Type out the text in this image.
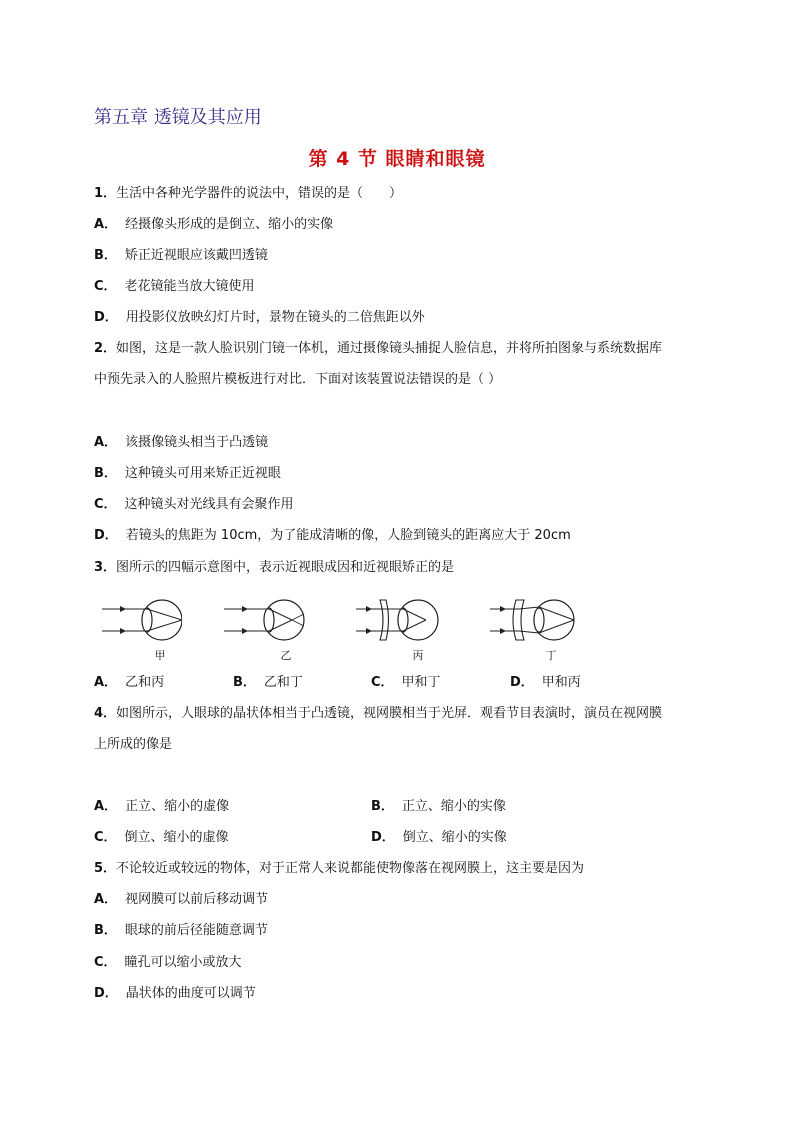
第五章 透镜及其应用
第 4 节 眼睛和眼镜
1．生活中各种光学器件的说法中，错误的是（　　）
A． 经摄像头形成的是倒立、缩小的实像
B． 矫正近视眼应该戴凹透镜
C． 老花镜能当放大镜使用
D． 用投影仪放映幻灯片时，景物在镜头的二倍焦距以外
2．如图，这是一款人脸识别门镜一体机，通过摄像镜头捕捉人脸信息，并将所拍图象与系统数据库
中预先录入的人脸照片模板进行对比．下面对该装置说法错误的是（ ）
A． 该摄像镜头相当于凸透镜
B． 这种镜头可用来矫正近视眼
C． 这种镜头对光线具有会聚作用
D． 若镜头的焦距为 10cm，为了能成清晰的像，人脸到镜头的距离应大于 20cm
3．图所示的四幅示意图中，表示近视眼成因和近视眼矫正的是
甲	乙	丙	丁
A． 乙和丙	B． 乙和丁	C． 甲和丁	D． 甲和丙
4．如图所示，人眼球的晶状体相当于凸透镜，视网膜相当于光屏．观看节目表演时，演员在视网膜
上所成的像是
A． 正立、缩小的虚像	B． 正立、缩小的实像
C． 倒立、缩小的虚像	D． 倒立、缩小的实像
5．不论较近或较远的物体，对于正常人来说都能使物像落在视网膜上，这主要是因为
A． 视网膜可以前后移动调节
B． 眼球的前后径能随意调节
C． 瞳孔可以缩小或放大
D． 晶状体的曲度可以调节
